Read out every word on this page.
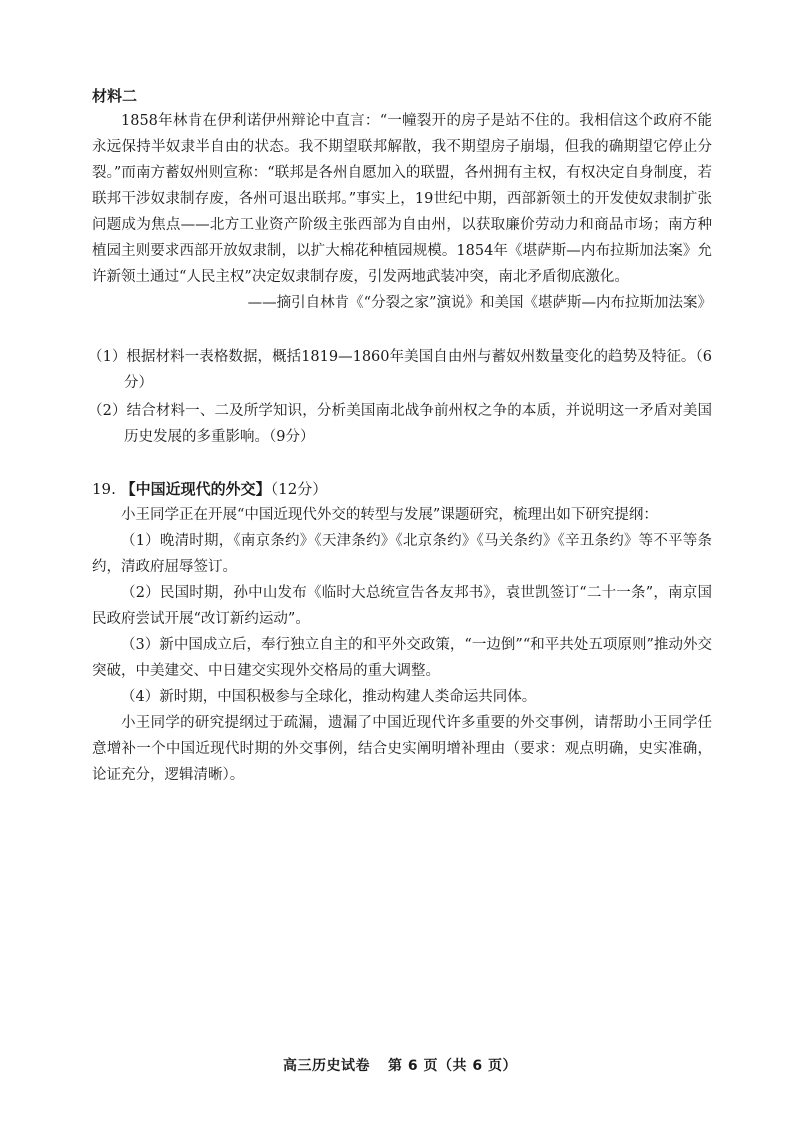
材料二

1858年林肯在伊利诺伊州辩论中直言：“一幢裂开的房子是站不住的。我相信这个政府不能永远保持半奴隶半自由的状态。我不期望联邦解散，我不期望房子崩塌，但我的确期望它停止分裂。”而南方蓄奴州则宣称：“联邦是各州自愿加入的联盟，各州拥有主权，有权决定自身制度，若联邦干涉奴隶制存废，各州可退出联邦。”事实上，19世纪中期，西部新领土的开发使奴隶制扩张问题成为焦点——北方工业资产阶级主张西部为自由州，以获取廉价劳动力和商品市场；南方种植园主则要求西部开放奴隶制，以扩大棉花种植园规模。1854年《堪萨斯—内布拉斯加法案》允许新领土通过“人民主权”决定奴隶制存废，引发两地武装冲突，南北矛盾彻底激化。

——摘引自林肯《“分裂之家”演说》和美国《堪萨斯—内布拉斯加法案》

（1）根据材料一表格数据，概括1819—1860年美国自由州与蓄奴州数量变化的趋势及特征。（6分）

（2）结合材料一、二及所学知识，分析美国南北战争前州权之争的本质，并说明这一矛盾对美国历史发展的多重影响。（9分）

19. 【中国近现代的外交】（12分）

小王同学正在开展“中国近现代外交的转型与发展”课题研究，梳理出如下研究提纲：

（1）晚清时期，《南京条约》《天津条约》《北京条约》《马关条约》《辛丑条约》等不平等条约，清政府屈辱签订。

（2）民国时期，孙中山发布《临时大总统宣告各友邦书》，袁世凯签订“二十一条”，南京国民政府尝试开展“改订新约运动”。

（3）新中国成立后，奉行独立自主的和平外交政策，“一边倒”“和平共处五项原则”推动外交突破，中美建交、中日建交实现外交格局的重大调整。

（4）新时期，中国积极参与全球化，推动构建人类命运共同体。

小王同学的研究提纲过于疏漏，遗漏了中国近现代许多重要的外交事例，请帮助小王同学任意增补一个中国近现代时期的外交事例，结合史实阐明增补理由（要求：观点明确，史实准确，论证充分，逻辑清晰）。

高三历史试卷 第 6 页（共 6 页）
